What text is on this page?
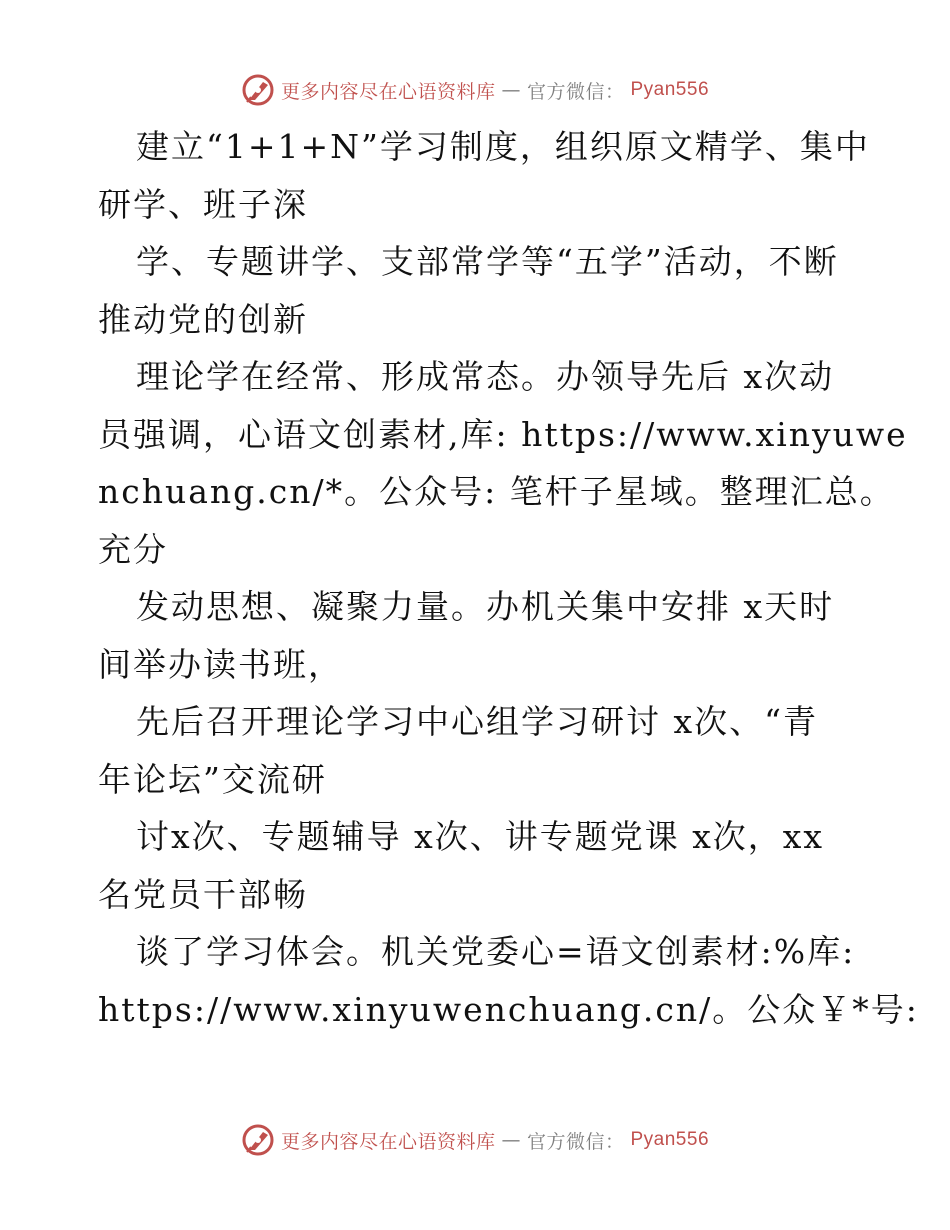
更多内容尽在心语资料库 — 官方微信： Pyan556
建立“1+1+N”学习制度，组织原文精学、集中
研学、班子深
学、专题讲学、支部常学等“五学”活动，不断
推动党的创新
理论学在经常、形成常态。办领导先后 x次动
员强调，心语文创素材,库: https://www.xinyuwe
nchuang.cn/*。公众号: 笔杆子星域。整理汇总。
充分
发动思想、凝聚力量。办机关集中安排 x天时
间举办读书班，
先后召开理论学习中心组学习研讨 x次、“青
年论坛”交流研
讨x次、专题辅导 x次、讲专题党课 x次，xx
名党员干部畅
谈了学习体会。机关党委心=语文创素材:%库:
https://www.xinyuwenchuang.cn/。公众￥*号:
更多内容尽在心语资料库 — 官方微信： Pyan556
